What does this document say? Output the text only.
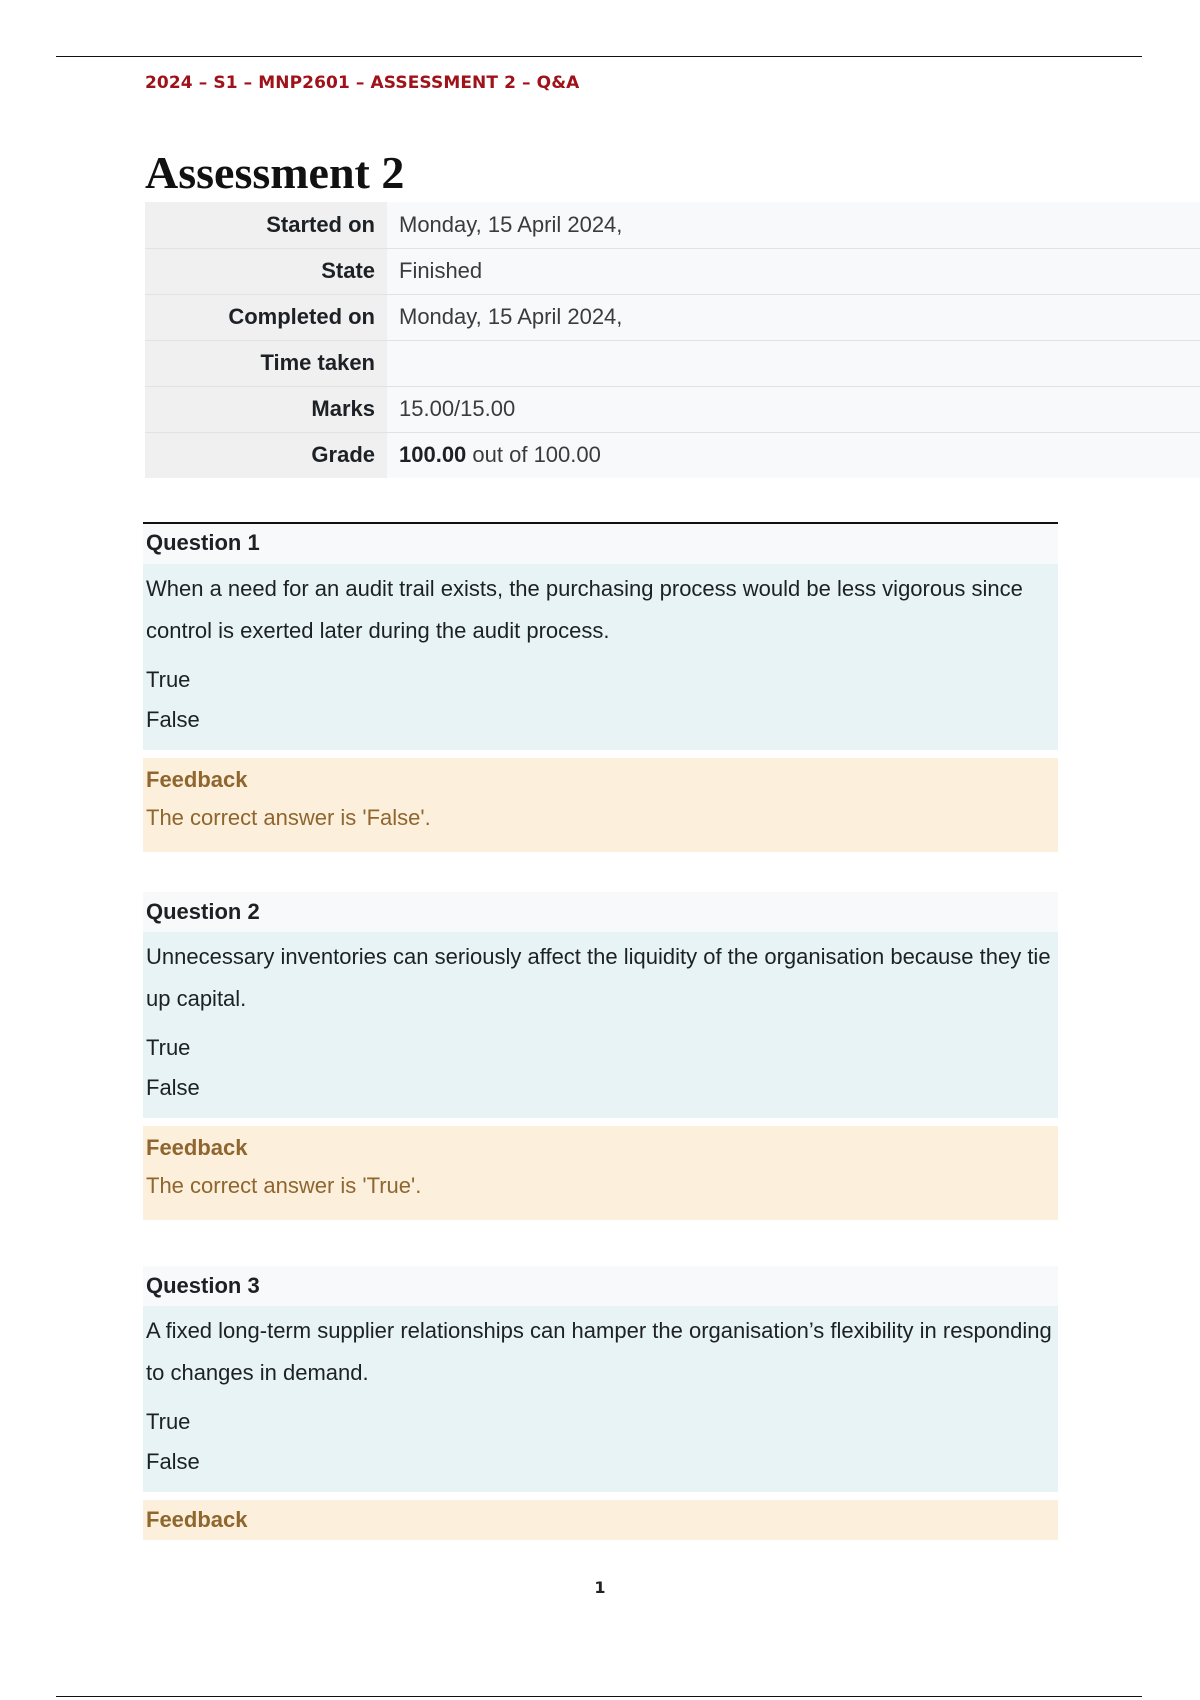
2024 – S1 – MNP2601 – ASSESSMENT 2 – Q&A
Assessment 2
Started on	Monday, 15 April 2024,
State	Finished
Completed on	Monday, 15 April 2024,
Time taken	
Marks	15.00/15.00
Grade	100.00 out of 100.00
Question 1
When a need for an audit trail exists, the purchasing process would be less vigorous since control is exerted later during the audit process.
True
False
Feedback
The correct answer is 'False'.
Question 2
Unnecessary inventories can seriously affect the liquidity of the organisation because they tie up capital.
True
False
Feedback
The correct answer is 'True'.
Question 3
A fixed long-term supplier relationships can hamper the organisation’s flexibility in responding to changes in demand.
True
False
Feedback
1
